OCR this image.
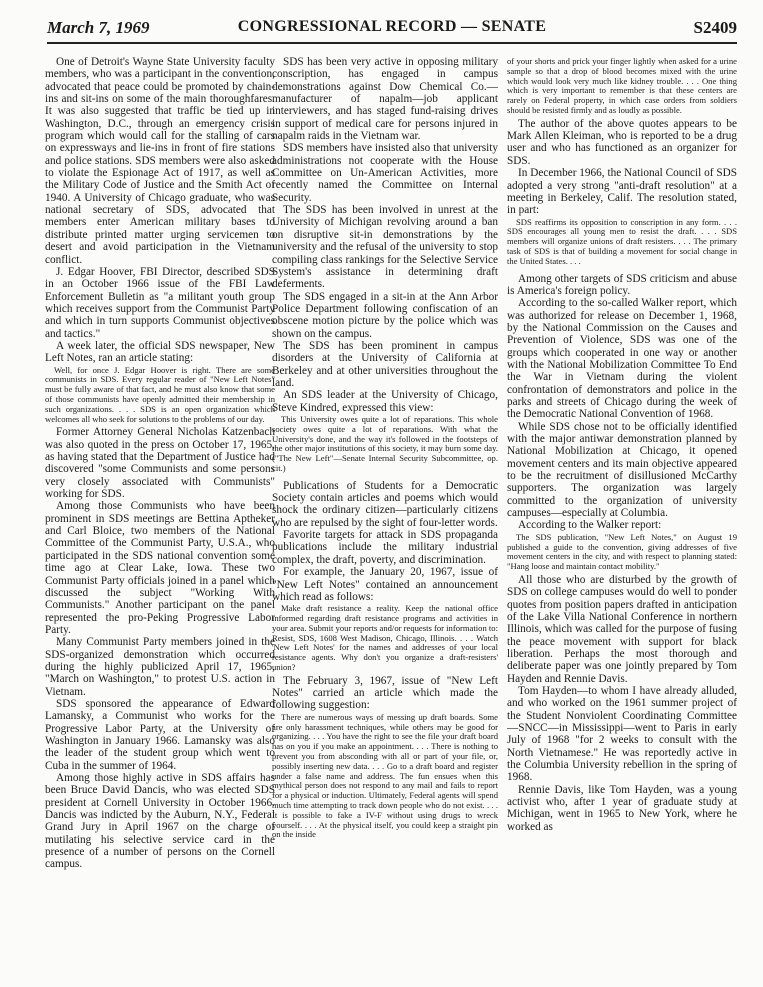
CONGRESSIONAL RECORD — SENATE
March 7, 1969	S2409

One of Detroit's Wayne State University faculty members, who was a participant in the convention, advocated that peace could be promoted by chain-ins and sit-ins on some of the main thoroughfares. It was also suggested that traffic be tied up in Washington, D.C., through an emergency crisis program which would call for the stalling of cars on expressways and lie-ins in front of fire stations and police stations. SDS members were also asked to violate the Espionage Act of 1917, as well as the Military Code of Justice and the Smith Act of 1940. A University of Chicago graduate, who was national secretary of SDS, advocated that members enter American military bases to distribute printed matter urging servicemen to desert and avoid participation in the Vietnam conflict.

J. Edgar Hoover, FBI Director, described SDS in an October 1966 issue of the FBI Law Enforcement Bulletin as "a militant youth group which receives support from the Communist Party and which in turn supports Communist objectives and tactics."

A week later, the official SDS newspaper, New Left Notes, ran an article stating:

Well, for once J. Edgar Hoover is right. There are some communists in SDS. Every regular reader of "New Left Notes" must be fully aware of that fact, and he must also know that some of those communists have openly admitted their membership in such organizations. . . . SDS is an open organization which welcomes all who seek for solutions to the problems of our day.

Former Attorney General Nicholas Katzenbach was also quoted in the press on October 17, 1965, as having stated that the Department of Justice had discovered "some Communists and some persons very closely associated with Communists" working for SDS.

Among those Communists who have been prominent in SDS meetings are Bettina Aptheker and Carl Bloice, two members of the National Committee of the Communist Party, U.S.A., who participated in the SDS national convention some time ago at Clear Lake, Iowa. These two Communist Party officials joined in a panel which discussed the subject "Working With Communists." Another participant on the panel represented the pro-Peking Progressive Labor Party.

Many Communist Party members joined in the SDS-organized demonstration which occurred during the highly publicized April 17, 1965, "March on Washington," to protest U.S. action in Vietnam.

SDS sponsored the appearance of Edward Lamansky, a Communist who works for the Progressive Labor Party, at the University of Washington in January 1966. Lamansky was also the leader of the student group which went to Cuba in the summer of 1964.

Among those highly active in SDS affairs has been Bruce David Dancis, who was elected SDS president at Cornell University in October 1966. Dancis was indicted by the Auburn, N.Y., Federal Grand Jury in April 1967 on the charge of mutilating his selective service card in the presence of a number of persons on the Cornell campus.

SDS has been very active in opposing military conscription, has engaged in campus demonstrations against Dow Chemical Co.—manufacturer of napalm—job applicant interviewers, and has staged fund-raising drives in support of medical care for persons injured in napalm raids in the Vietnam war.

SDS members have insisted also that university administrations not cooperate with the House Committee on Un-American Activities, more recently named the Committee on Internal Security.

The SDS has been involved in unrest at the University of Michigan revolving around a ban on disruptive sit-in demonstrations by the university and the refusal of the university to stop compiling class rankings for the Selective Service System's assistance in determining draft deferments.

The SDS engaged in a sit-in at the Ann Arbor Police Department following confiscation of an obscene motion picture by the police which was shown on the campus.

The SDS has been prominent in campus disorders at the University of California at Berkeley and at other universities throughout the land.

An SDS leader at the University of Chicago, Steve Kindred, expressed this view:

This University owes quite a lot of reparations. This whole society owes quite a lot of reparations. With what the University's done, and the way it's followed in the footsteps of the other major institutions of this society, it may burn some day. ("The New Left"—Senate Internal Security Subcommittee, op. cit.)

Publications of Students for a Democratic Society contain articles and poems which would shock the ordinary citizen—particularly citizens who are repulsed by the sight of four-letter words.

Favorite targets for attack in SDS propaganda publications include the military industrial complex, the draft, poverty, and discrimination.

For example, the January 20, 1967, issue of "New Left Notes" contained an announcement which read as follows:

Make draft resistance a reality. Keep the national office informed regarding draft resistance programs and activities in your area. Submit your reports and/or requests for information to: Resist, SDS, 1608 West Madison, Chicago, Illinois. . . . Watch 'New Left Notes' for the names and addresses of your local resistance agents. Why don't you organize a draft-resisters' union?

The February 3, 1967, issue of "New Left Notes" carried an article which made the following suggestion:

There are numerous ways of messing up draft boards. Some are only harassment techniques, while others may be good for organizing. . . . You have the right to see the file your draft board has on you if you make an appointment. . . . There is nothing to prevent you from absconding with all or part of your file, or, possibly inserting new data. . . . Go to a draft board and register under a false name and address. The fun ensues when this mythical person does not respond to any mail and fails to report for a physical or induction. Ultimately, Federal agents will spend much time attempting to track down people who do not exist. . . . It is possible to fake a IV-F without using drugs to wreck yourself. . . . At the physical itself, you could keep a straight pin on the inside

of your shorts and prick your finger lightly when asked for a urine sample so that a drop of blood becomes mixed with the urine which would look very much like kidney trouble. . . . One thing which is very important to remember is that these centers are rarely on Federal property, in which case orders from soldiers should be resisted firmly and as loudly as possible.

The author of the above quotes appears to be Mark Allen Kleiman, who is reported to be a drug user and who has functioned as an organizer for SDS.

In December 1966, the National Council of SDS adopted a very strong "anti-draft resolution" at a meeting in Berkeley, Calif. The resolution stated, in part:

SDS reaffirms its opposition to conscription in any form. . . . SDS encourages all young men to resist the draft. . . . SDS members will organize unions of draft resisters. . . . The primary task of SDS is that of building a movement for social change in the United States. . . .

Among other targets of SDS criticism and abuse is America's foreign policy.

According to the so-called Walker report, which was authorized for release on December 1, 1968, by the National Commission on the Causes and Prevention of Violence, SDS was one of the groups which cooperated in one way or another with the National Mobilization Committee To End the War in Vietnam during the violent confrontation of demonstrators and police in the parks and streets of Chicago during the week of the Democratic National Convention of 1968.

While SDS chose not to be officially identified with the major antiwar demonstration planned by National Mobilization at Chicago, it opened movement centers and its main objective appeared to be the recruitment of disillusioned McCarthy supporters. The organization was largely committed to the organization of university campuses—especially at Columbia.

According to the Walker report:

The SDS publication, "New Left Notes," on August 19 published a guide to the convention, giving addresses of five movement centers in the city, and with respect to planning stated: "Hang loose and maintain contact mobility."

All those who are disturbed by the growth of SDS on college campuses would do well to ponder quotes from position papers drafted in anticipation of the Lake Villa National Conference in northern Illinois, which was called for the purpose of fusing the peace movement with support for black liberation. Perhaps the most thorough and deliberate paper was one jointly prepared by Tom Hayden and Rennie Davis.

Tom Hayden—to whom I have already alluded, and who worked on the 1961 summer project of the Student Nonviolent Coordinating Committee—SNCC—in Mississippi—went to Paris in early July of 1968 "for 2 weeks to consult with the North Vietnamese." He was reportedly active in the Columbia University rebellion in the spring of 1968.

Rennie Davis, like Tom Hayden, was a young activist who, after 1 year of graduate study at Michigan, went in 1965 to New York, where he worked as
